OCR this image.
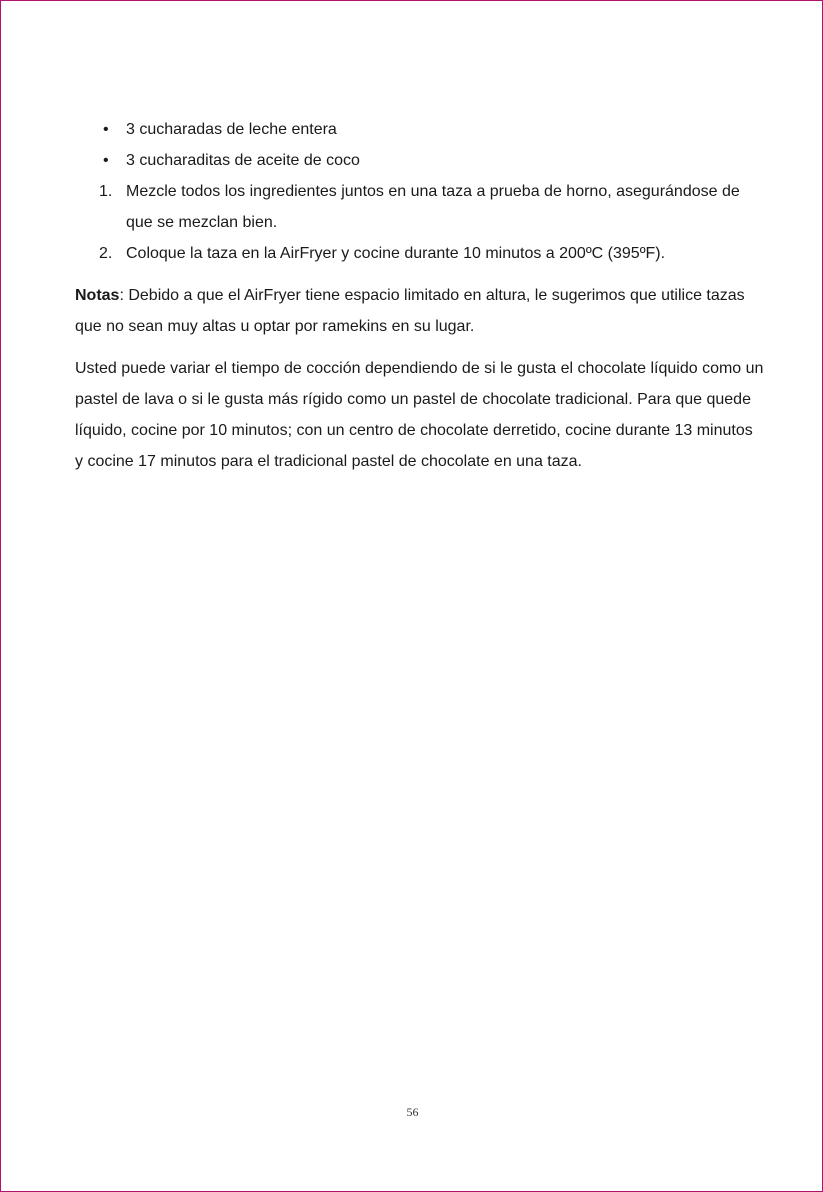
• 3 cucharadas de leche entera
• 3 cucharaditas de aceite de coco
1. Mezcle todos los ingredientes juntos en una taza a prueba de horno, asegurándose de que se mezclan bien.
2. Coloque la taza en la AirFryer y cocine durante 10 minutos a 200ºC (395ºF).

Notas: Debido a que el AirFryer tiene espacio limitado en altura, le sugerimos que utilice tazas que no sean muy altas u optar por ramekins en su lugar.

Usted puede variar el tiempo de cocción dependiendo de si le gusta el chocolate líquido como un pastel de lava o si le gusta más rígido como un pastel de chocolate tradicional. Para que quede líquido, cocine por 10 minutos; con un centro de chocolate derretido, cocine durante 13 minutos y cocine 17 minutos para el tradicional pastel de chocolate en una taza.

56
